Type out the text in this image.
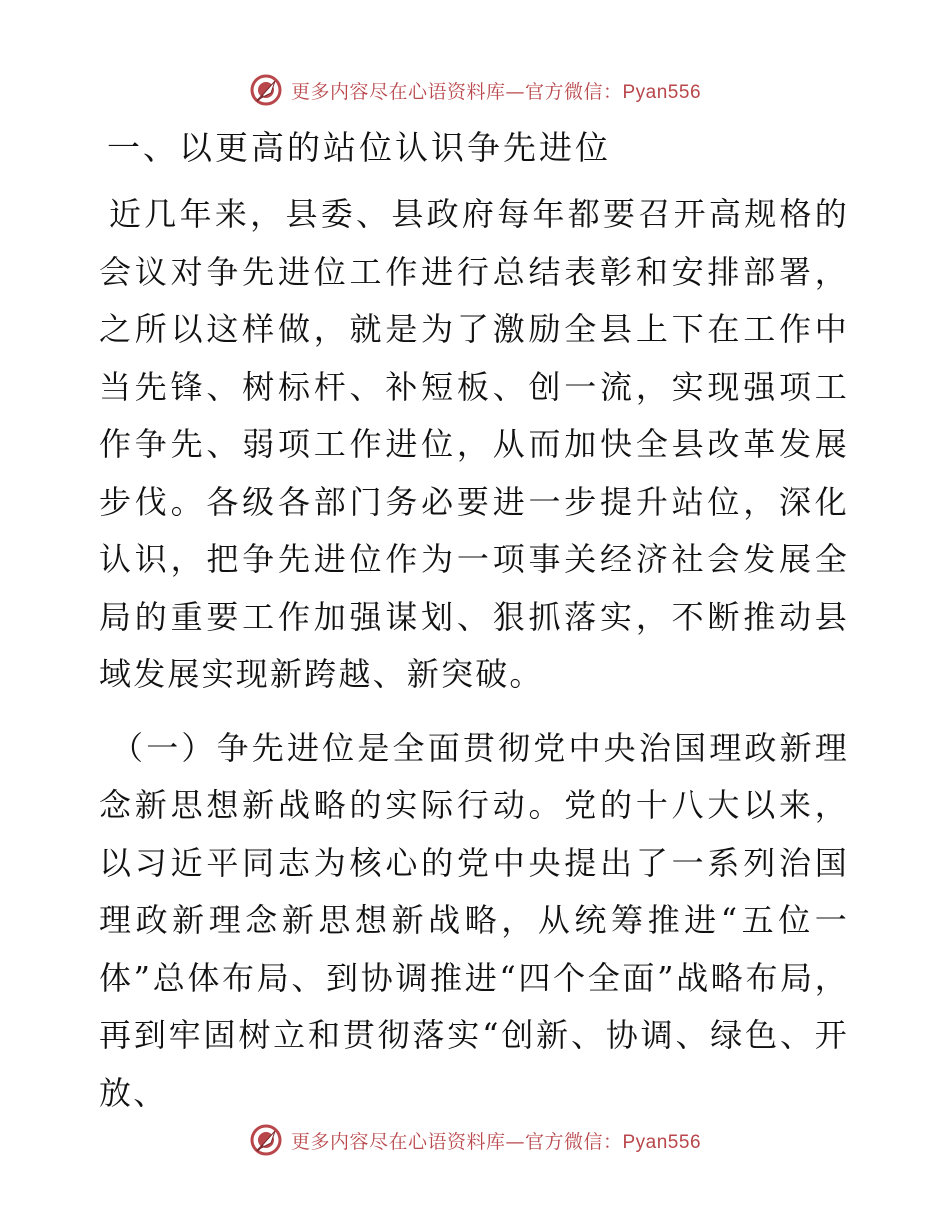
更多内容尽在心语资料库—官方微信：Pyan556
一、以更高的站位认识争先进位

近几年来，县委、县政府每年都要召开高规格的会议对争先进位工作进行总结表彰和安排部署，之所以这样做，就是为了激励全县上下在工作中当先锋、树标杆、补短板、创一流，实现强项工作争先、弱项工作进位，从而加快全县改革发展步伐。各级各部门务必要进一步提升站位，深化认识，把争先进位作为一项事关经济社会发展全局的重要工作加强谋划、狠抓落实，不断推动县域发展实现新跨越、新突破。

（一）争先进位是全面贯彻党中央治国理政新理念新思想新战略的实际行动。党的十八大以来，以习近平同志为核心的党中央提出了一系列治国理政新理念新思想新战略，从统筹推进“五位一体”总体布局、到协调推进“四个全面”战略布局，再到牢固树立和贯彻落实“创新、协调、绿色、开放、

更多内容尽在心语资料库—官方微信：Pyan556
